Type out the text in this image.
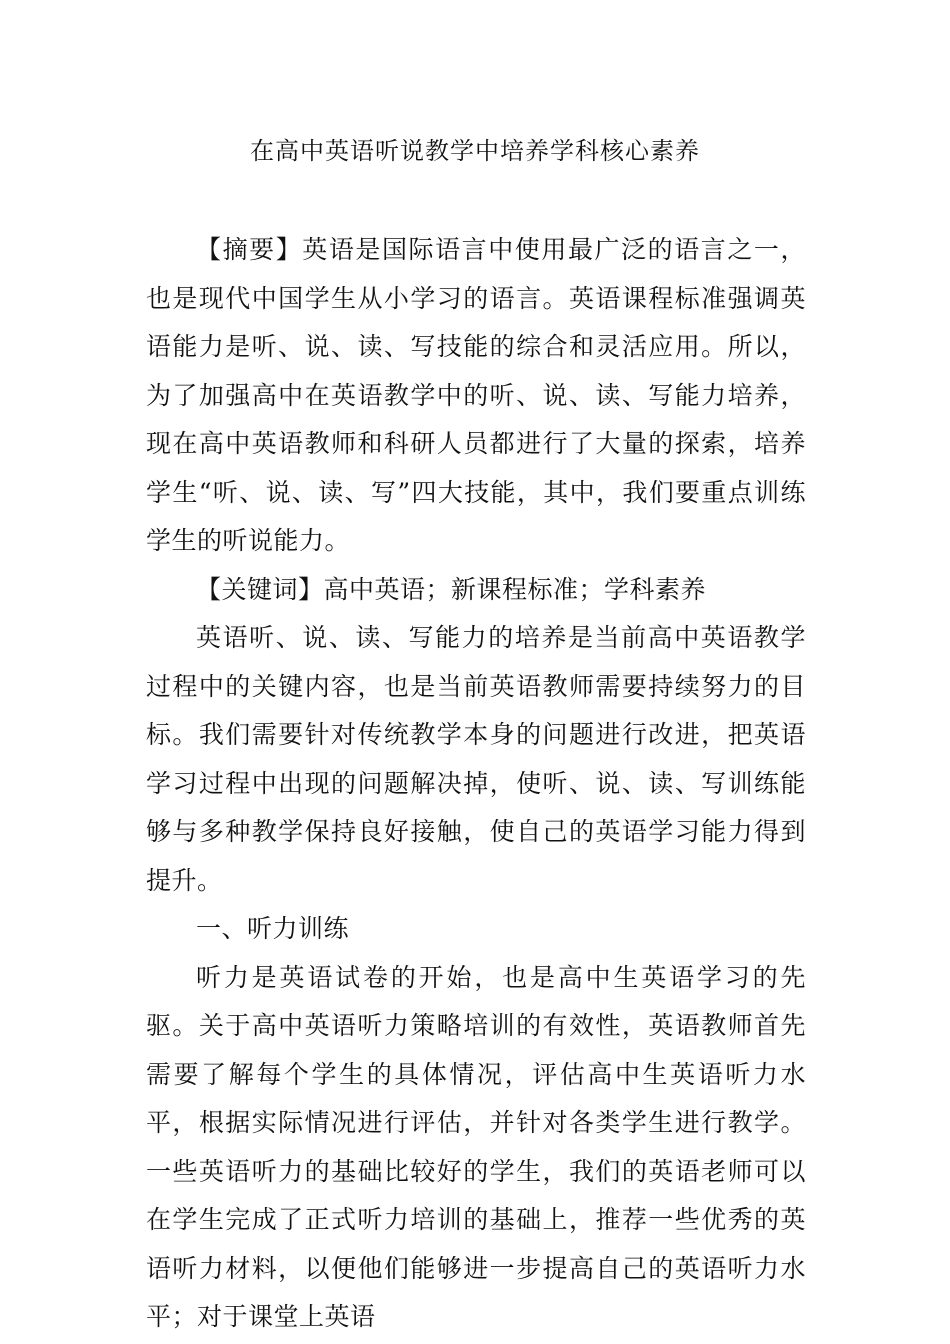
在高中英语听说教学中培养学科核心素养

【摘要】英语是国际语言中使用最广泛的语言之一，也是现代中国学生从小学习的语言。英语课程标准强调英语能力是听、说、读、写技能的综合和灵活应用。所以，为了加强高中在英语教学中的听、说、读、写能力培养，现在高中英语教师和科研人员都进行了大量的探索，培养学生“听、说、读、写”四大技能，其中，我们要重点训练学生的听说能力。

【关键词】高中英语；新课程标准；学科素养

英语听、说、读、写能力的培养是当前高中英语教学过程中的关键内容，也是当前英语教师需要持续努力的目标。我们需要针对传统教学本身的问题进行改进，把英语学习过程中出现的问题解决掉，使听、说、读、写训练能够与多种教学保持良好接触，使自己的英语学习能力得到提升。

一、听力训练

听力是英语试卷的开始，也是高中生英语学习的先驱。关于高中英语听力策略培训的有效性，英语教师首先需要了解每个学生的具体情况，评估高中生英语听力水平，根据实际情况进行评估，并针对各类学生进行教学。一些英语听力的基础比较好的学生，我们的英语老师可以在学生完成了正式听力培训的基础上，推荐一些优秀的英语听力材料，以便他们能够进一步提高自己的英语听力水平；对于课堂上英语
